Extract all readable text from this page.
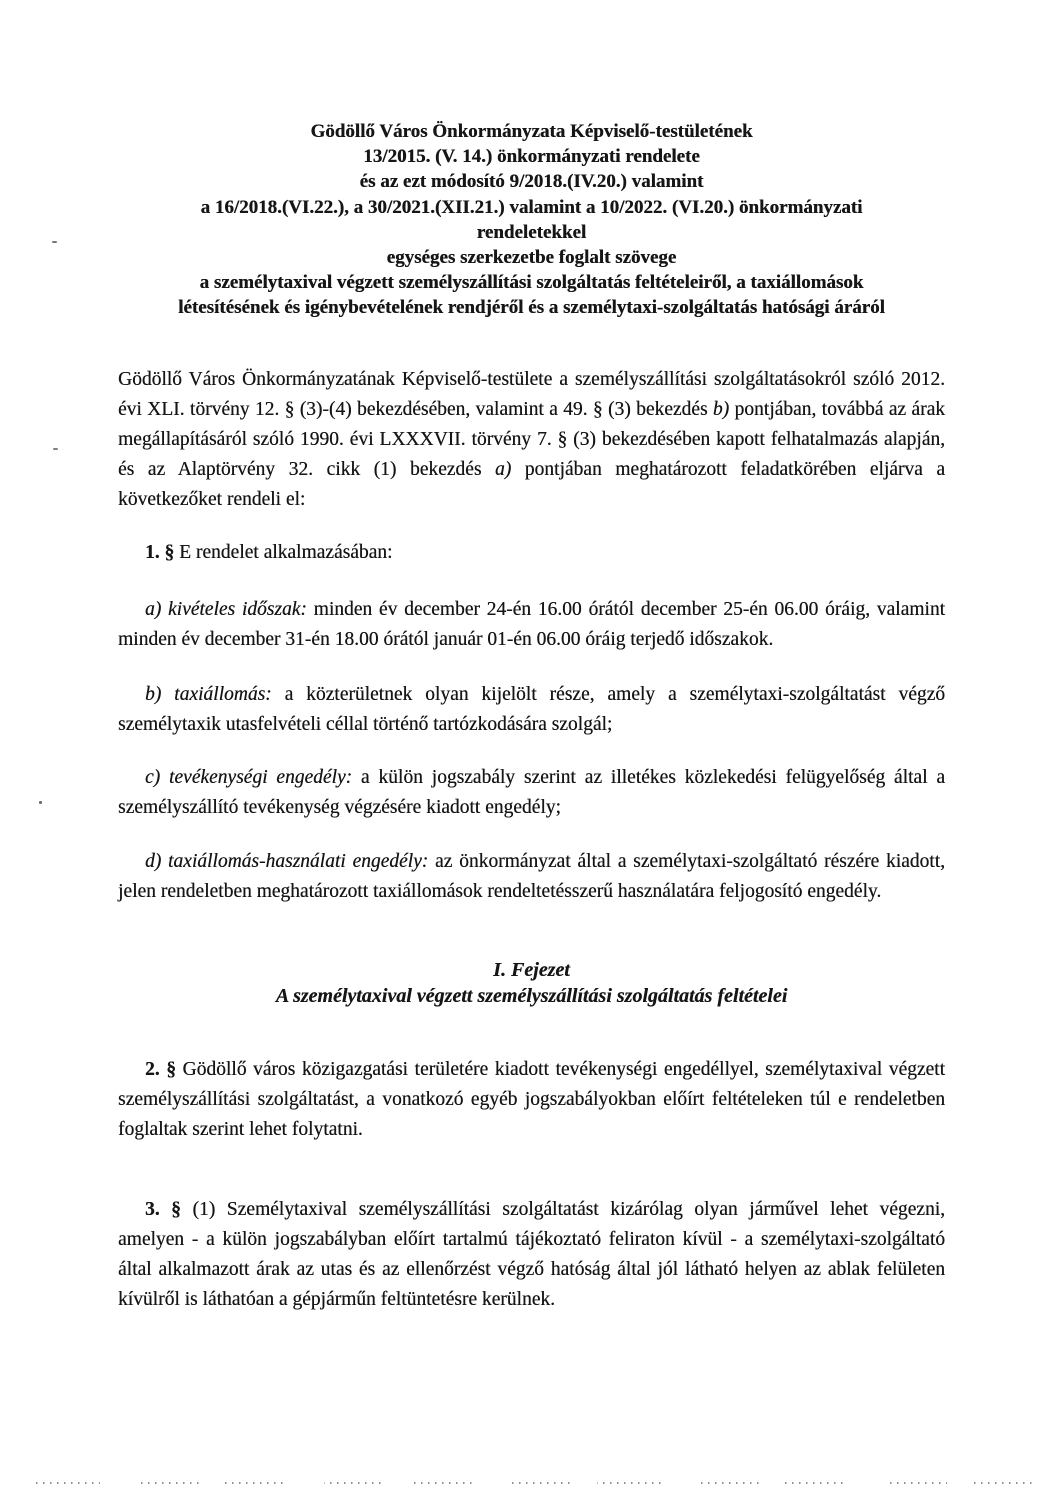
Gödöllő Város Önkormányzata Képviselő-testületének
13/2015. (V. 14.) önkormányzati rendelete
és az ezt módosító 9/2018.(IV.20.) valamint
a 16/2018.(VI.22.), a 30/2021.(XII.21.) valamint a 10/2022. (VI.20.) önkormányzati
rendeletekkel
egységes szerkezetbe foglalt szövege
a személytaxival végzett személyszállítási szolgáltatás feltételeiről, a taxiállomások
létesítésének és igénybevételének rendjéről és a személytaxi-szolgáltatás hatósági áráról

Gödöllő Város Önkormányzatának Képviselő-testülete a személyszállítási szolgáltatásokról szóló 2012. évi XLI. törvény 12. § (3)-(4) bekezdésében, valamint a 49. § (3) bekezdés b) pontjában, továbbá az árak megállapításáról szóló 1990. évi LXXXVII. törvény 7. § (3) bekezdésében kapott felhatalmazás alapján, és az Alaptörvény 32. cikk (1) bekezdés a) pontjában meghatározott feladatkörében eljárva a következőket rendeli el:

1. § E rendelet alkalmazásában:

a) kivételes időszak: minden év december 24-én 16.00 órától december 25-én 06.00 óráig, valamint minden év december 31-én 18.00 órától január 01-én 06.00 óráig terjedő időszakok.

b) taxiállomás: a közterületnek olyan kijelölt része, amely a személytaxi-szolgáltatást végző személytaxik utasfelvételi céllal történő tartózkodására szolgál;

c) tevékenységi engedély: a külön jogszabály szerint az illetékes közlekedési felügyelőség által a személyszállító tevékenység végzésére kiadott engedély;

d) taxiállomás-használati engedély: az önkormányzat által a személytaxi-szolgáltató részére kiadott, jelen rendeletben meghatározott taxiállomások rendeltetésszerű használatára feljogosító engedély.

I. Fejezet
A személytaxival végzett személyszállítási szolgáltatás feltételei

2. § Gödöllő város közigazgatási területére kiadott tevékenységi engedéllyel, személytaxival végzett személyszállítási szolgáltatást, a vonatkozó egyéb jogszabályokban előírt feltételeken túl e rendeletben foglaltak szerint lehet folytatni.

3. § (1) Személytaxival személyszállítási szolgáltatást kizárólag olyan járművel lehet végezni, amelyen - a külön jogszabályban előírt tartalmú tájékoztató feliraton kívül - a személytaxi-szolgáltató által alkalmazott árak az utas és az ellenőrzést végző hatóság által jól látható helyen az ablak felületen kívülről is láthatóan a gépjárműn feltüntetésre kerülnek.
